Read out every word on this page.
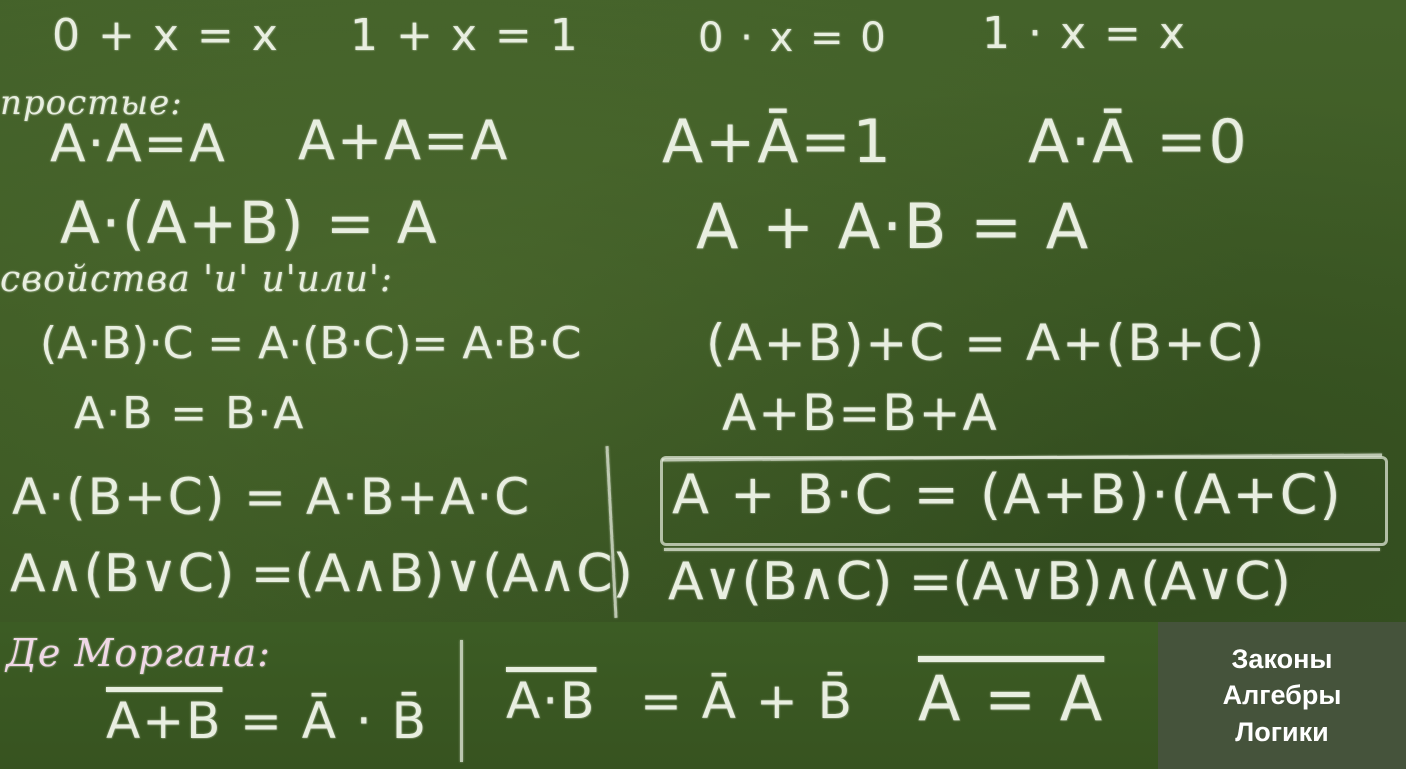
0 + x = x 1 + x = 1	0 · x = 0 1 · x = x
простые:
A·A=A A+A=A	A+Ā=1 A·Ā =0
A·(A+B) = A	A + A·B = A
свойства 'и' и'или':
(A·B)·C = A·(B·C)= A·B·C (A+B)+C = A+(B+C)
A·B = B·A	A+B=B+A
A·(B+C) = A·B+A·C	A + B·C = (A+B)·(A+C)
A∧(B∨C) =(A∧B)∨(A∧C) A∨(B∧C) =(A∨B)∧(A∨C)
Де Моргана:
A+B = Ā · B̄ A·B = Ā + B̄ A = A
Законы
Алгебры
Логики
